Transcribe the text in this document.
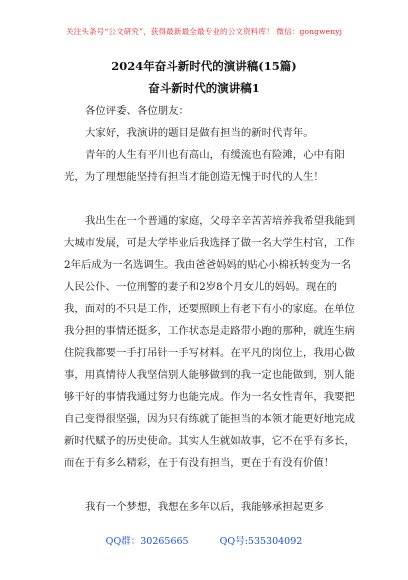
关注头条号“公文研究”，获得最新最全最专业的公文资料库！ 微信：gongwenyj
2024年奋斗新时代的演讲稿(15篇)
奋斗新时代的演讲稿1

各位评委、各位朋友：

大家好，我演讲的题目是做有担当的新时代青年。

青年的人生有平川也有高山，有缓流也有险滩，心中有阳光，为了理想能坚持有担当才能创造无愧于时代的人生！

我出生在一个普通的家庭，父母辛辛苦苦培养我希望我能到大城市发展，可是大学毕业后我选择了做一名大学生村官，工作2年后成为一名选调生。我由爸爸妈妈的贴心小棉袄转变为一名人民公仆、一位刑警的妻子和2岁8个月女儿的妈妈。现在的我，面对的不只是工作，还要照顾上有老下有小的家庭。在单位我分担的事情还挺多，工作状态是走路带小跑的那种，就连生病住院我都要一手打吊针一手写材料。在平凡的岗位上，我用心做事，用真情待人我坚信别人能够做到的我一定也能做到，别人能够干好的事情我通过努力也能完成。作为一名女性青年，我要把自己变得很坚强，因为只有练就了能担当的本领才能更好地完成新时代赋予的历史使命。其实人生就如故事，它不在乎有多长，而在于有多么精彩，在于有没有担当，更在于有没有价值！

我有一个梦想，我想在多年以后，我能够承担起更多

QQ群：30265665	QQ号:535304092
